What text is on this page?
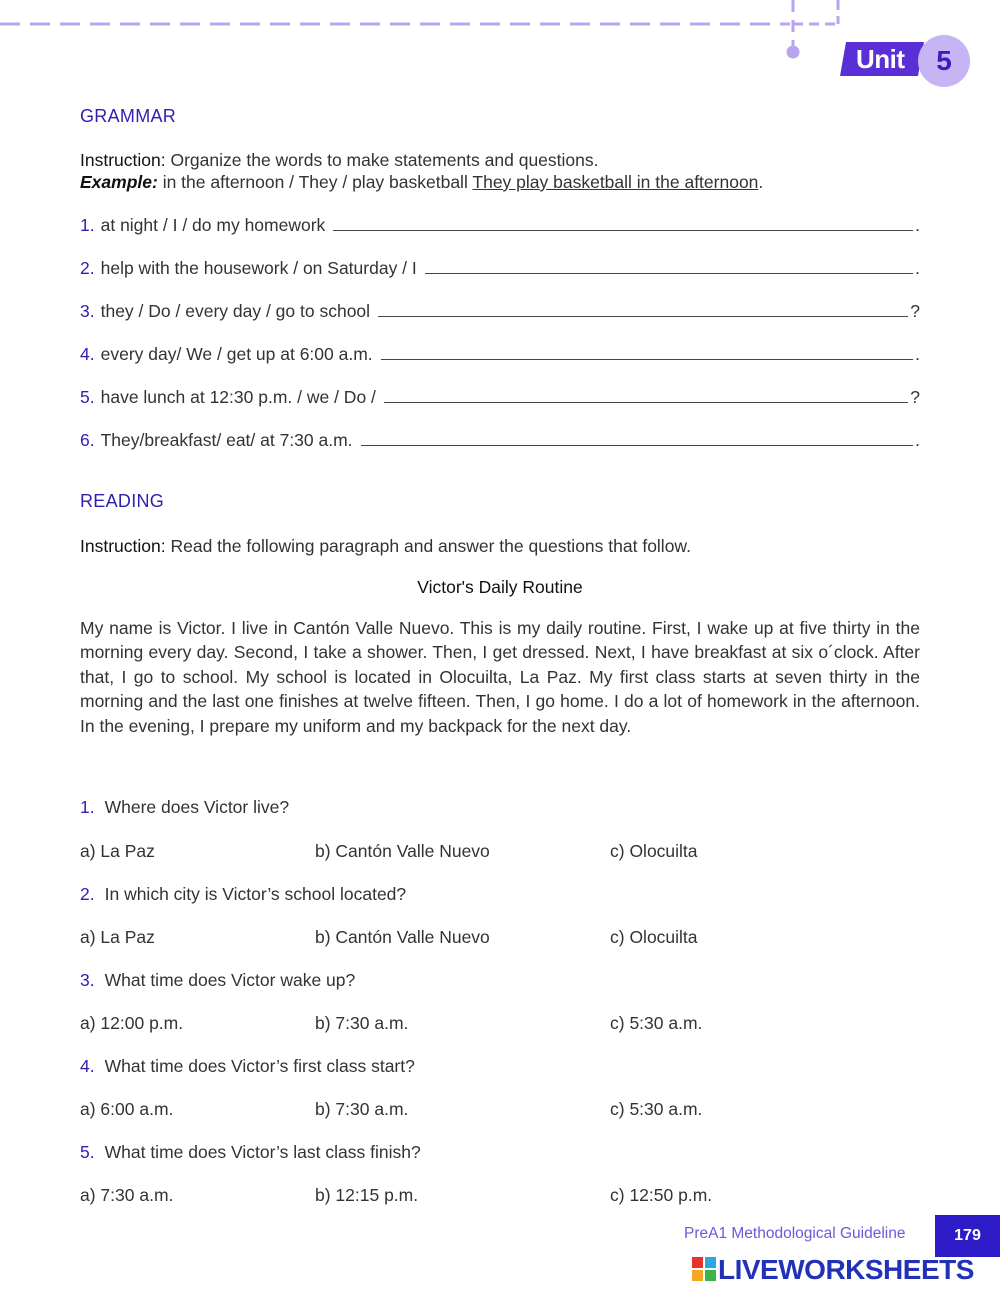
Unit	5
GRAMMAR
Instruction: Organize the words to make statements and questions.
Example: in the afternoon / They / play basketball They play basketball in the afternoon.
1. at night / I / do my homework	.
2. help with the housework / on Saturday / I	.
3. they / Do / every day / go to school	?
4. every day/ We / get up at 6:00 a.m.	.
5. have lunch at 12:30 p.m. / we / Do /	?
6. They/breakfast/ eat/ at 7:30 a.m.	.
READING
Instruction: Read the following paragraph and answer the questions that follow.
Victor's Daily Routine
My name is Victor. I live in Cantón Valle Nuevo. This is my daily routine. First, I wake up at five thirty in the morning every day. Second, I take a shower. Then, I get dressed. Next, I have breakfast at six o´clock. After that, I go to school. My school is located in Olocuilta, La Paz. My first class starts at seven thirty in the morning and the last one finishes at twelve fifteen. Then, I go home. I do a lot of homework in the afternoon. In the evening, I prepare my uniform and my backpack for the next day.
1. Where does Victor live?
a) La Paz	b) Cantón Valle Nuevo	c) Olocuilta
2. In which city is Victor’s school located?
a) La Paz	b) Cantón Valle Nuevo	c) Olocuilta
3. What time does Victor wake up?
a) 12:00 p.m.	b) 7:30 a.m.	c) 5:30 a.m.
4. What time does Victor’s first class start?
a) 6:00 a.m.	b) 7:30 a.m.	c) 5:30 a.m.
5. What time does Victor’s last class finish?
a) 7:30 a.m.	b) 12:15 p.m.	c) 12:50 p.m.
PreA1 Methodological Guideline	179
LIVEWORKSHEETS
